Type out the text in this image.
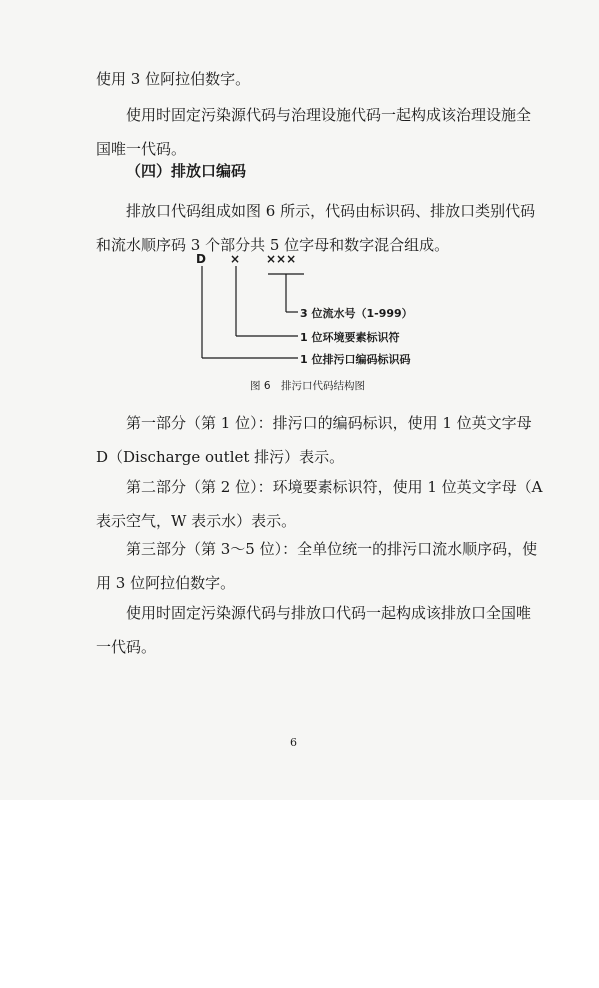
使用 3 位阿拉伯数字。

使用时固定污染源代码与治理设施代码一起构成该治理设施全国唯一代码。

（四）排放口编码

排放口代码组成如图 6 所示，代码由标识码、排放口类别代码和流水顺序码 3 个部分共 5 位字母和数字混合组成。

D × ×××
3 位流水号（1-999）
1 位环境要素标识符
1 位排污口编码标识码
图 6　排污口代码结构图

第一部分（第 1 位）：排污口的编码标识，使用 1 位英文字母 D（Discharge outlet 排污）表示。

第二部分（第 2 位）：环境要素标识符，使用 1 位英文字母（A 表示空气，W 表示水）表示。

第三部分（第 3～5 位）：全单位统一的排污口流水顺序码，使用 3 位阿拉伯数字。

使用时固定污染源代码与排放口代码一起构成该排放口全国唯一代码。

6
